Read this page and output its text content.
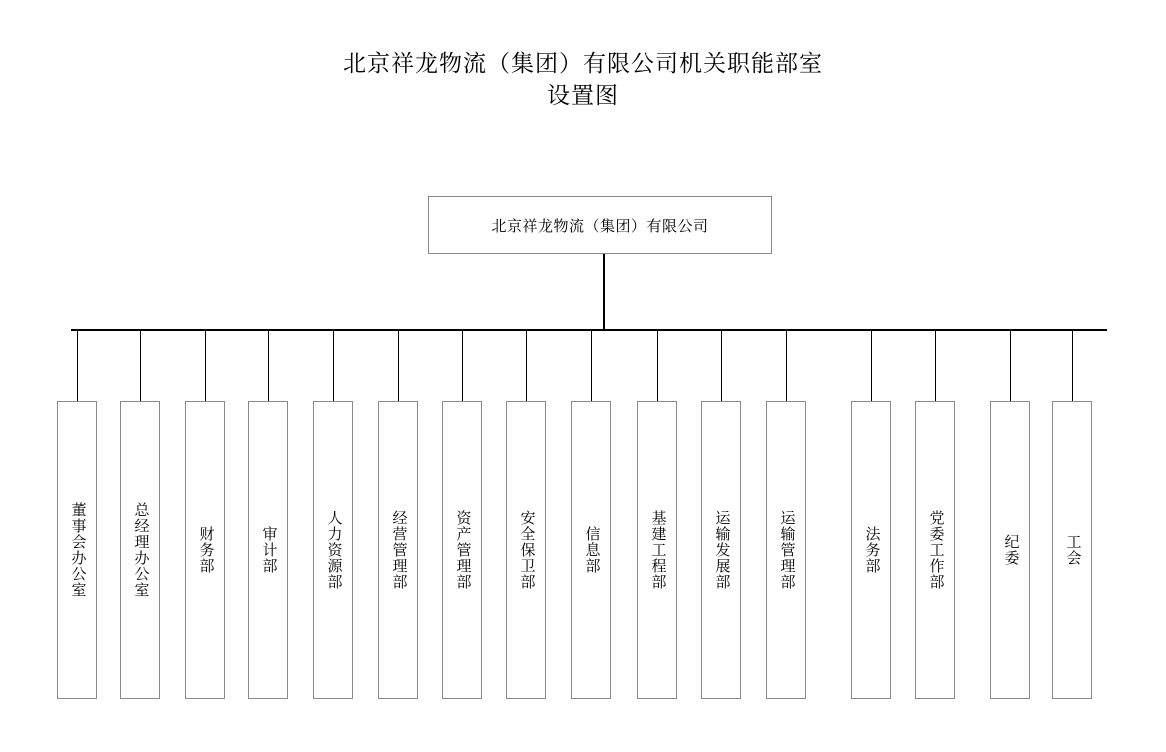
北京祥龙物流（集团）有限公司机关职能部室
设置图
北京祥龙物流（集团）有限公司
董事会办公室	总经理办公室	财务部	审计部	人力资源部	经营管理部	资产管理部	安全保卫部	信息部	基建工程部	运输发展部	运输管理部	法务部	党委工作部	纪委	工会
